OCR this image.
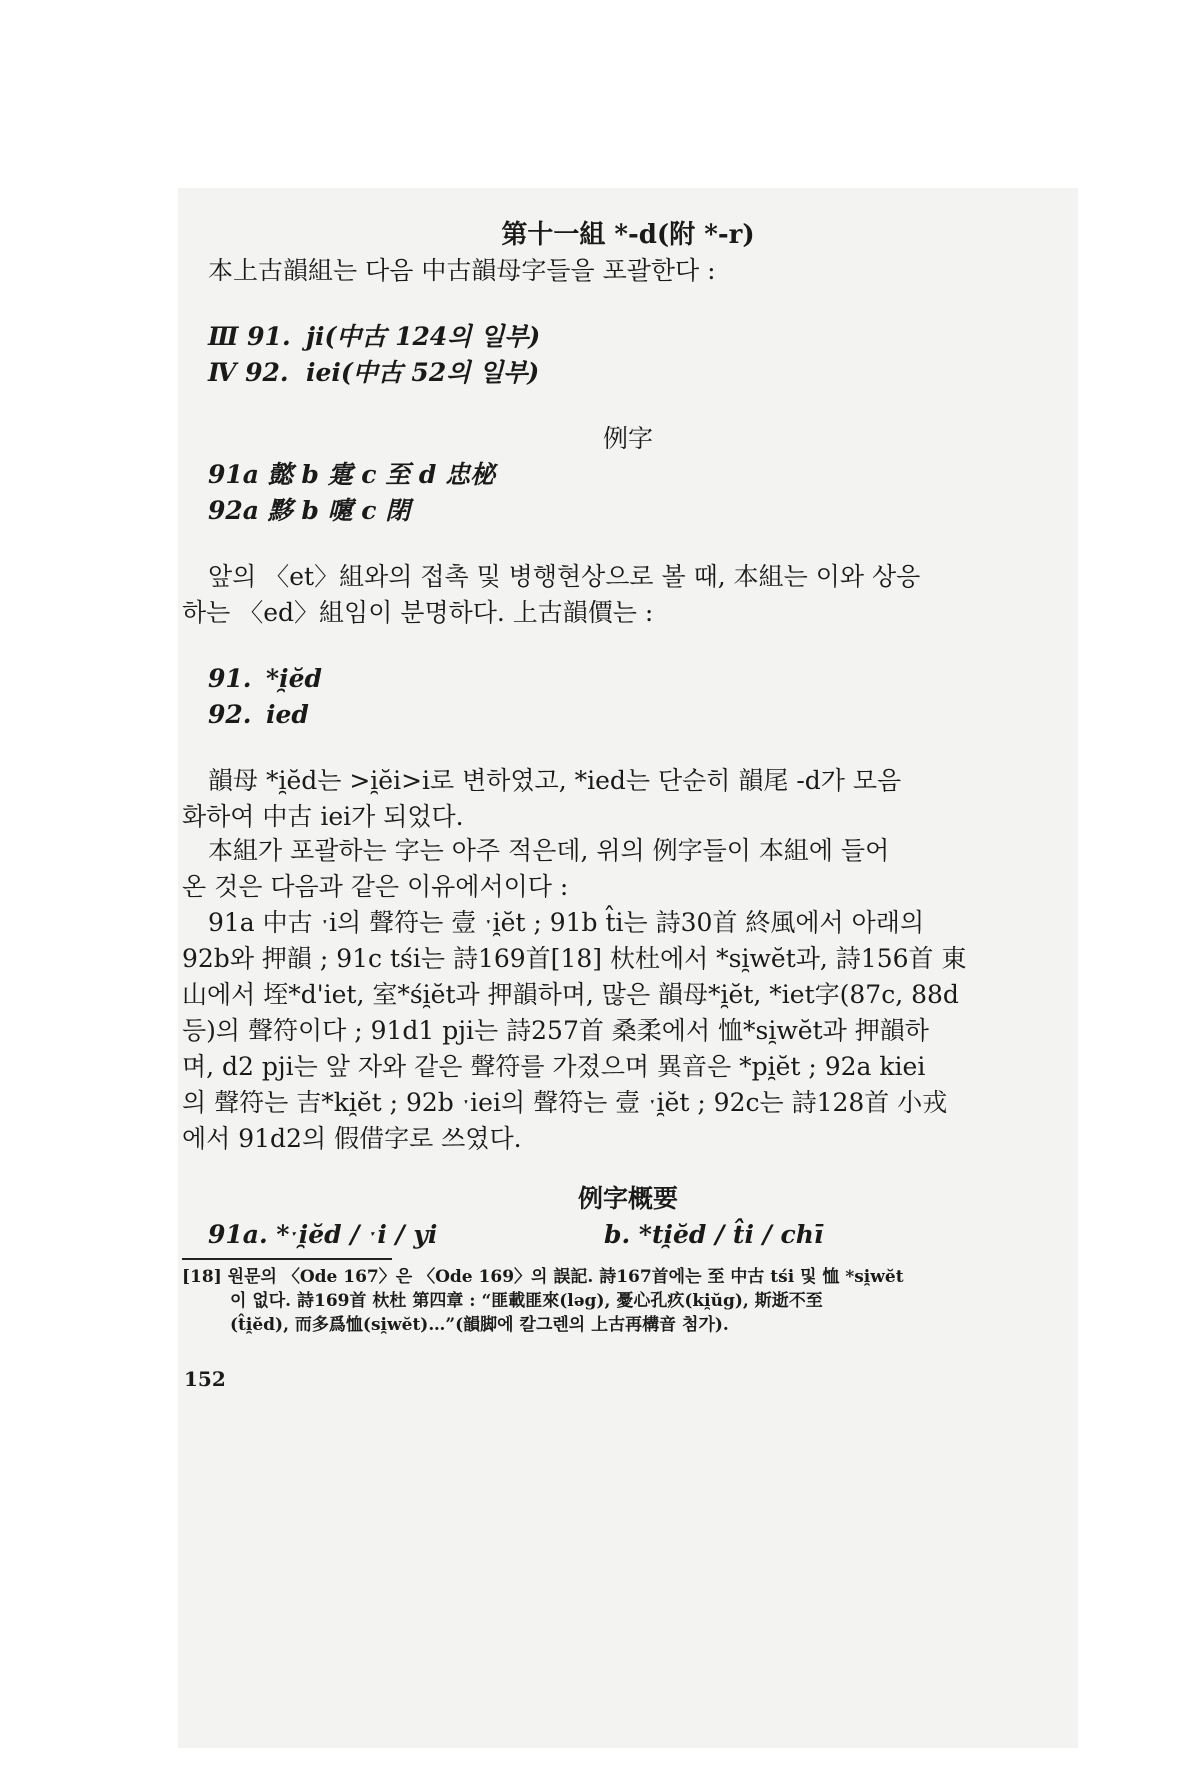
第十一組 *-d(附 *-r)
本上古韻組는 다음 中古韻母字들을 포괄한다 :
Ⅲ 91. ji(中古 124의 일부)
Ⅳ 92. iei(中古 52의 일부)
例字
91a 懿 b 疐 c 至 d 忠柲
92a 黟 b 嚔 c 閉
앞의 〈et〉組와의 접촉 및 병행현상으로 볼 때, 本組는 이와 상응
하는 〈ed〉組임이 분명하다. 上古韻價는 :
91. *i̯ĕd
92. ied
韻母 *i̯ĕd는 >i̯ĕi>i로 변하였고, *ied는 단순히 韻尾 -d가 모음
화하여 中古 iei가 되었다.
本組가 포괄하는 字는 아주 적은데, 위의 例字들이 本組에 들어
온 것은 다음과 같은 이유에서이다 :
91a 中古 ˑi의 聲符는 壹 ˑi̯ĕt ; 91b t̂i는 詩30首 終風에서 아래의
92b와 押韻 ; 91c tśi는 詩169首[18] 杕杜에서 *si̯wĕt과, 詩156首 東
山에서 垤*d'iet, 室*śi̯ĕt과 押韻하며, 많은 韻母*i̯ĕt, *iet字(87c, 88d
등)의 聲符이다 ; 91d1 pji는 詩257首 桑柔에서 恤*si̯wĕt과 押韻하
며, d2 pji는 앞 자와 같은 聲符를 가졌으며 異音은 *pi̯ĕt ; 92a kiei
의 聲符는 吉*ki̯ĕt ; 92b ˑiei의 聲符는 壹 ˑi̯ĕt ; 92c는 詩128首 小戎
에서 91d2의 假借字로 쓰였다.
例字概要
91a. *ˑi̯ĕd / ˑi / yi	b. *ti̯ĕd / t̂i / chī
[18] 원문의 〈Ode 167〉은 〈Ode 169〉의 誤記. 詩167首에는 至 中古 tśi 및 恤 *si̯wĕt
이 없다. 詩169首 杕杜 第四章 : “匪載匪來(ləg), 憂心孔疚(ki̯ŭg), 斯逝不至
(t̂i̯ĕd), 而多爲恤(si̯wĕt)…”(韻脚에 칼그렌의 上古再構音 첨가).
152
